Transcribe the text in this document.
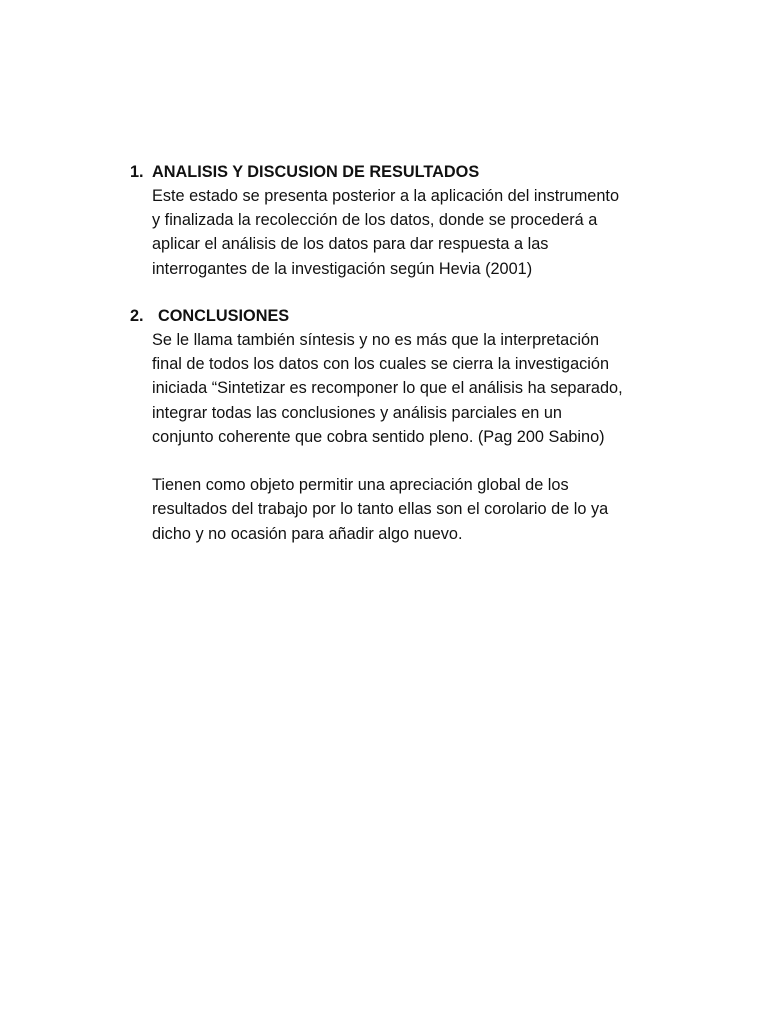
1. ANALISIS Y DISCUSION DE RESULTADOS
Este estado se presenta posterior a la aplicación del instrumento
y finalizada la recolección de los datos, donde se procederá a
aplicar el análisis de los datos para dar respuesta a las
interrogantes de la investigación según Hevia (2001)
2. CONCLUSIONES
Se le llama también síntesis y no es más que la interpretación
final de todos los datos con los cuales se cierra la investigación
iniciada “Sintetizar es recomponer lo que el análisis ha separado,
integrar todas las conclusiones y análisis parciales en un
conjunto coherente que cobra sentido pleno. (Pag 200 Sabino)
Tienen como objeto permitir una apreciación global de los
resultados del trabajo por lo tanto ellas son el corolario de lo ya
dicho y no ocasión para añadir algo nuevo.
